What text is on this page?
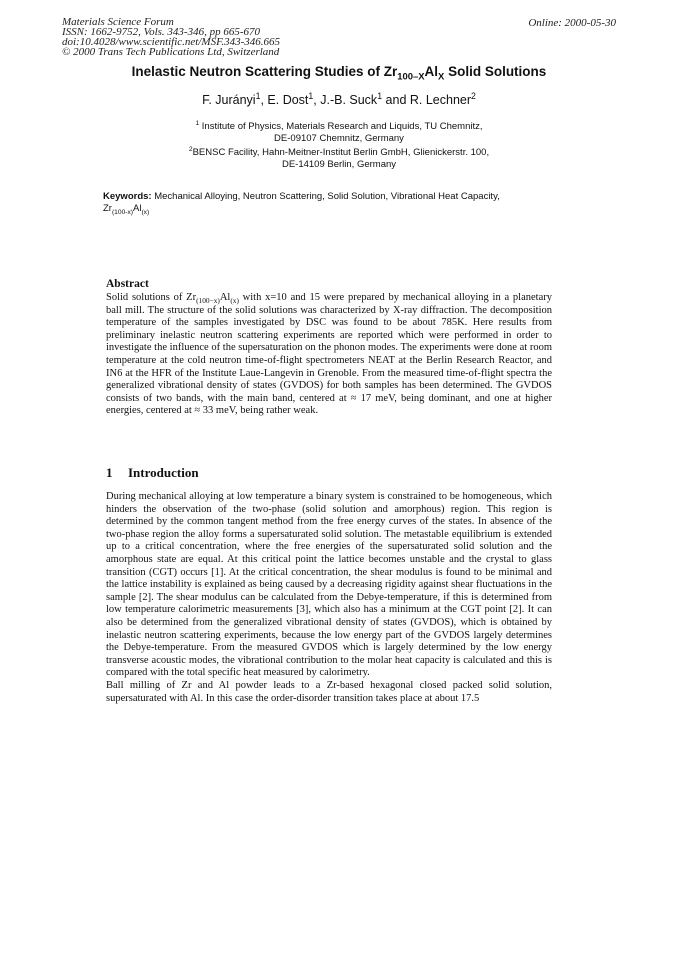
Materials Science Forum
ISSN: 1662-9752, Vols. 343-346, pp 665-670
doi:10.4028/www.scientific.net/MSF.343-346.665
© 2000 Trans Tech Publications Ltd, Switzerland
Online: 2000-05-30
Inelastic Neutron Scattering Studies of $Zr_{100-X}Al_X$ Solid Solutions
F. Jurányi$^1$, E. Dost$^1$, J.-B. Suck$^1$ and R. Lechner$^2$
$^1$ Institute of Physics, Materials Research and Liquids, TU Chemnitz,
DE-09107 Chemnitz, Germany
$^2$BENSC Facility, Hahn-Meitner-Institut Berlin GmbH, Glienickerstr. 100,
DE-14109 Berlin, Germany
Keywords: Mechanical Alloying, Neutron Scattering, Solid Solution, Vibrational Heat Capacity,
$Zr_{(100-x)}Al_{(x)}$
Abstract
Solid solutions of $Zr_{(100-x)}Al_{(x)}$ with x=10 and 15 were prepared by mechanical alloying in a planetary ball mill. The structure of the solid solutions was characterized by X-ray diffraction. The decomposition temperature of the samples investigated by DSC was found to be about 785K. Here results from preliminary inelastic neutron scattering experiments are reported which were performed in order to investigate the influence of the supersaturation on the phonon modes. The experiments were done at room temperature at the cold neutron time-of-flight spectrometers NEAT at the Berlin Research Reactor, and IN6 at the HFR of the Institute Laue-Langevin in Grenoble. From the measured time-of-flight spectra the generalized vibrational density of states (GVDOS) for both samples has been determined. The GVDOS consists of two bands, with the main band, centered at ≈ 17 meV, being dominant, and one at higher energies, centered at ≈ 33 meV, being rather weak.
1 Introduction

During mechanical alloying at low temperature a binary system is constrained to be homogeneous, which hinders the observation of the two-phase (solid solution and amorphous) region. This region is determined by the common tangent method from the free energy curves of the states. In absence of the two-phase region the alloy forms a supersaturated solid solution. The metastable equilibrium is extended up to a critical concentration, where the free energies of the supersaturated solid solution and the amorphous state are equal. At this critical point the lattice becomes unstable and the crystal to glass transition (CGT) occurs [1]. At the critical concentration, the shear modulus is found to be minimal and the lattice instability is explained as being caused by a decreasing rigidity against shear fluctuations in the sample [2]. The shear modulus can be calculated from the Debye-temperature, if this is determined from low temperature calorimetric measurements [3], which also has a minimum at the CGT point [2]. It can also be determined from the generalized vibrational density of states (GVDOS), which is obtained by inelastic neutron scattering experiments, because the low energy part of the GVDOS largely determines the Debye-temperature. From the measured GVDOS which is largely determined by the low energy transverse acoustic modes, the vibrational contribution to the molar heat capacity is calculated and this is compared with the total specific heat measured by calorimetry.

Ball milling of Zr and Al powder leads to a Zr-based hexagonal closed packed solid solution, supersaturated with Al. In this case the order-disorder transition takes place at about 17.5
